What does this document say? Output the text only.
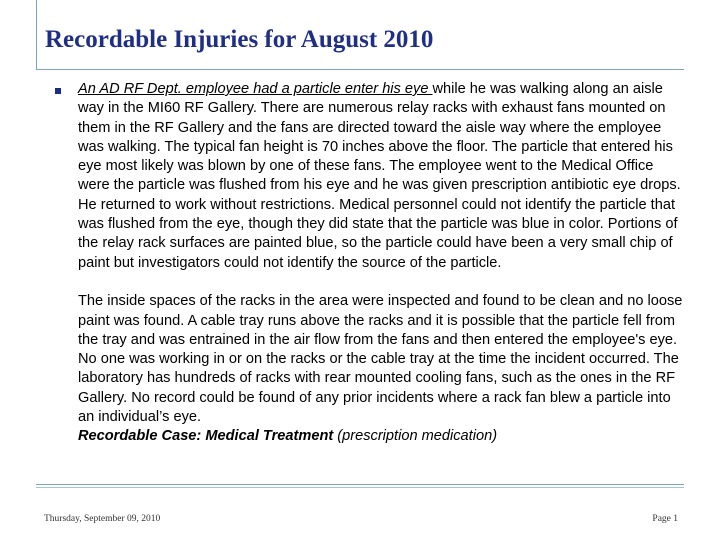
Recordable Injuries for August 2010

An AD RF Dept. employee had a particle enter his eye while he was walking along an aisle way in the MI60 RF Gallery. There are numerous relay racks with exhaust fans mounted on them in the RF Gallery and the fans are directed toward the aisle way where the employee was walking. The typical fan height is 70 inches above the floor. The particle that entered his eye most likely was blown by one of these fans. The employee went to the Medical Office were the particle was flushed from his eye and he was given prescription antibiotic eye drops. He returned to work without restrictions. Medical personnel could not identify the particle that was flushed from the eye, though they did state that the particle was blue in color. Portions of the relay rack surfaces are painted blue, so the particle could have been a very small chip of paint but investigators could not identify the source of the particle.

The inside spaces of the racks in the area were inspected and found to be clean and no loose paint was found. A cable tray runs above the racks and it is possible that the particle fell from the tray and was entrained in the air flow from the fans and then entered the employee's eye. No one was working in or on the racks or the cable tray at the time the incident occurred. The laboratory has hundreds of racks with rear mounted cooling fans, such as the ones in the RF Gallery. No record could be found of any prior incidents where a rack fan blew a particle into an individual’s eye.
Recordable Case: Medical Treatment (prescription medication)

Thursday, September 09, 2010	Page 1
